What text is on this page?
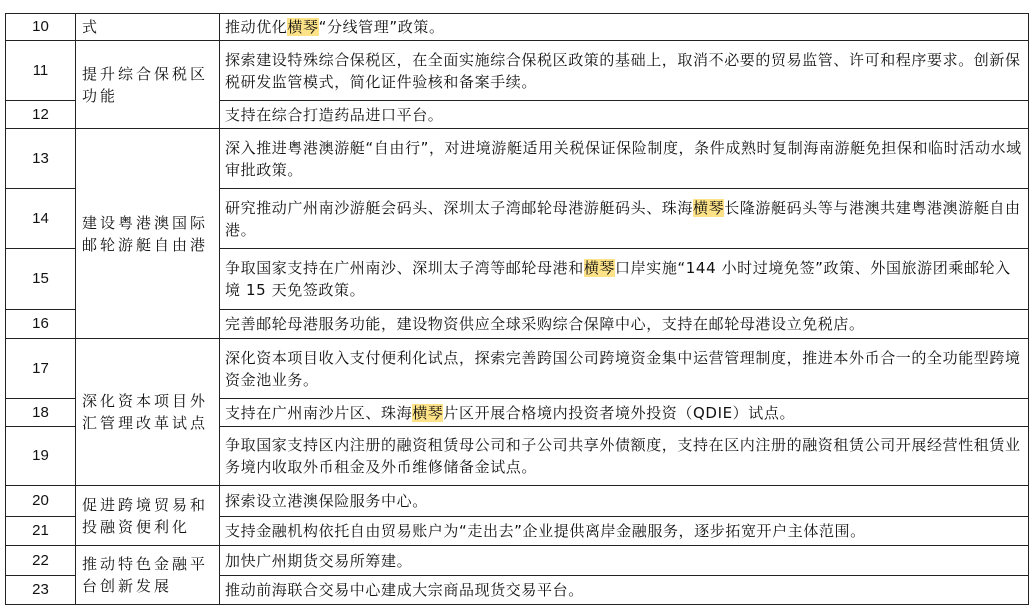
10	式	推动优化横琴“分线管理”政策。
11	提升综合保税区功能	探索建设特殊综合保税区，在全面实施综合保税区政策的基础上，取消不必要的贸易监管、许可和程序要求。创新保税研发监管模式，简化证件验核和备案手续。
12		支持在综合打造药品进口平台。
13	建设粤港澳国际邮轮游艇自由港	深入推进粤港澳游艇“自由行”，对进境游艇适用关税保证保险制度，条件成熟时复制海南游艇免担保和临时活动水域审批政策。
14		研究推动广州南沙游艇会码头、深圳太子湾邮轮母港游艇码头、珠海横琴长隆游艇码头等与港澳共建粤港澳游艇自由港。
15		争取国家支持在广州南沙、深圳太子湾等邮轮母港和横琴口岸实施“144 小时过境免签”政策、外国旅游团乘邮轮入境 15 天免签政策。
16		完善邮轮母港服务功能，建设物资供应全球采购综合保障中心，支持在邮轮母港设立免税店。
17	深化资本项目外汇管理改革试点	深化资本项目收入支付便利化试点，探索完善跨国公司跨境资金集中运营管理制度，推进本外币合一的全功能型跨境资金池业务。
18		支持在广州南沙片区、珠海横琴片区开展合格境内投资者境外投资（QDIE）试点。
19		争取国家支持区内注册的融资租赁母公司和子公司共享外债额度，支持在区内注册的融资租赁公司开展经营性租赁业务境内收取外币租金及外币维修储备金试点。
20	促进跨境贸易和投融资便利化	探索设立港澳保险服务中心。
21		支持金融机构依托自由贸易账户为“走出去”企业提供离岸金融服务，逐步拓宽开户主体范围。
22	推动特色金融平台创新发展	加快广州期货交易所筹建。
23		推动前海联合交易中心建成大宗商品现货交易平台。
